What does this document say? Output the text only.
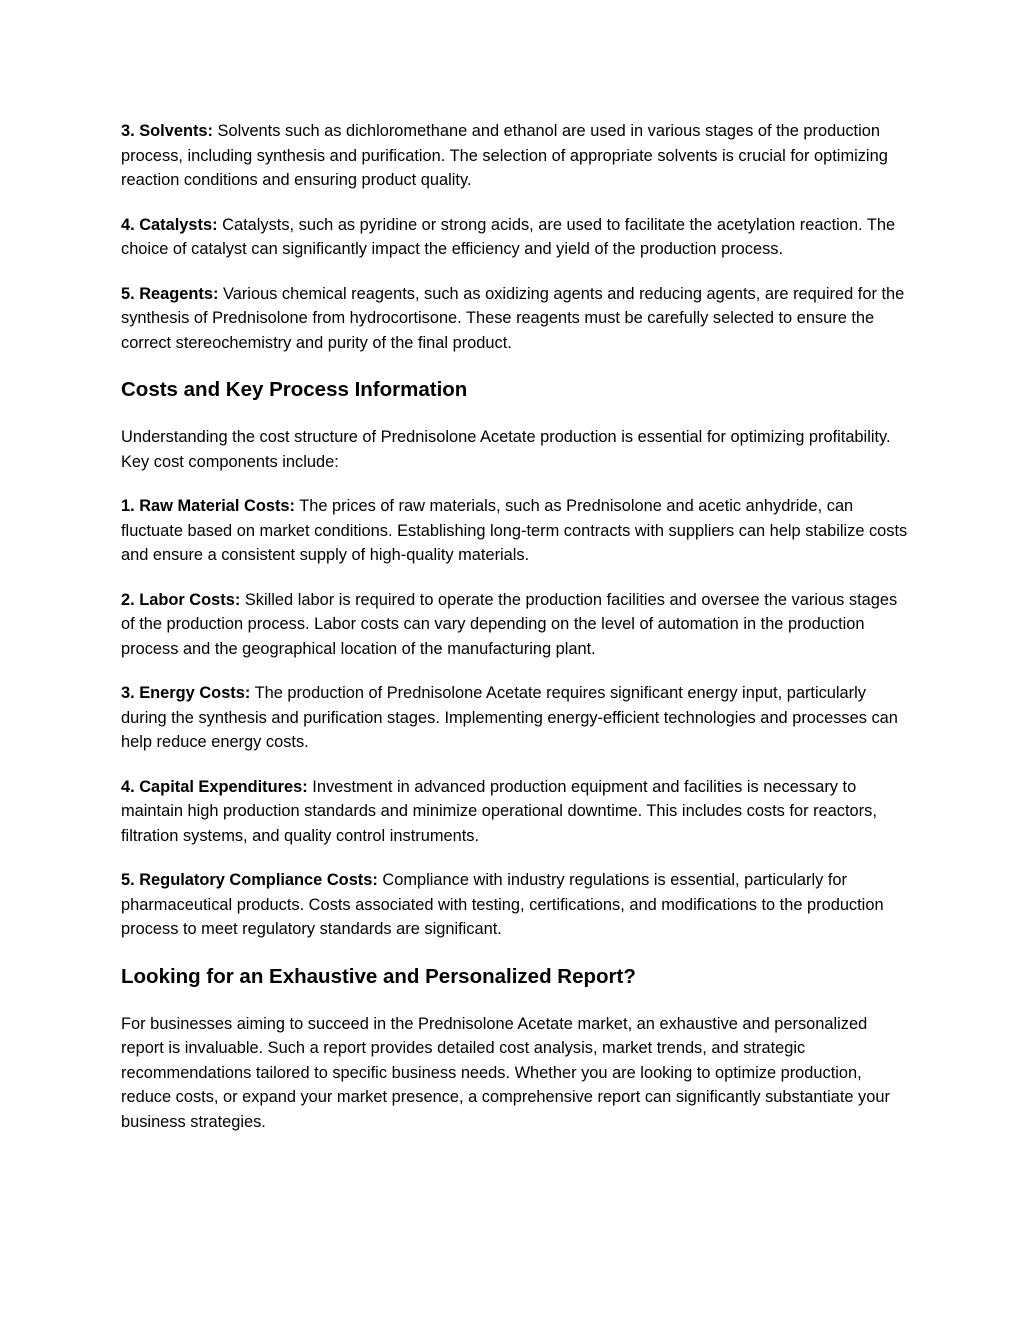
3. Solvents: Solvents such as dichloromethane and ethanol are used in various stages of the production process, including synthesis and purification. The selection of appropriate solvents is crucial for optimizing reaction conditions and ensuring product quality.

4. Catalysts: Catalysts, such as pyridine or strong acids, are used to facilitate the acetylation reaction. The choice of catalyst can significantly impact the efficiency and yield of the production process.

5. Reagents: Various chemical reagents, such as oxidizing agents and reducing agents, are required for the synthesis of Prednisolone from hydrocortisone. These reagents must be carefully selected to ensure the correct stereochemistry and purity of the final product.

Costs and Key Process Information

Understanding the cost structure of Prednisolone Acetate production is essential for optimizing profitability. Key cost components include:

1. Raw Material Costs: The prices of raw materials, such as Prednisolone and acetic anhydride, can fluctuate based on market conditions. Establishing long-term contracts with suppliers can help stabilize costs and ensure a consistent supply of high-quality materials.

2. Labor Costs: Skilled labor is required to operate the production facilities and oversee the various stages of the production process. Labor costs can vary depending on the level of automation in the production process and the geographical location of the manufacturing plant.

3. Energy Costs: The production of Prednisolone Acetate requires significant energy input, particularly during the synthesis and purification stages. Implementing energy-efficient technologies and processes can help reduce energy costs.

4. Capital Expenditures: Investment in advanced production equipment and facilities is necessary to maintain high production standards and minimize operational downtime. This includes costs for reactors, filtration systems, and quality control instruments.

5. Regulatory Compliance Costs: Compliance with industry regulations is essential, particularly for pharmaceutical products. Costs associated with testing, certifications, and modifications to the production process to meet regulatory standards are significant.

Looking for an Exhaustive and Personalized Report?

For businesses aiming to succeed in the Prednisolone Acetate market, an exhaustive and personalized report is invaluable. Such a report provides detailed cost analysis, market trends, and strategic recommendations tailored to specific business needs. Whether you are looking to optimize production, reduce costs, or expand your market presence, a comprehensive report can significantly substantiate your business strategies.
